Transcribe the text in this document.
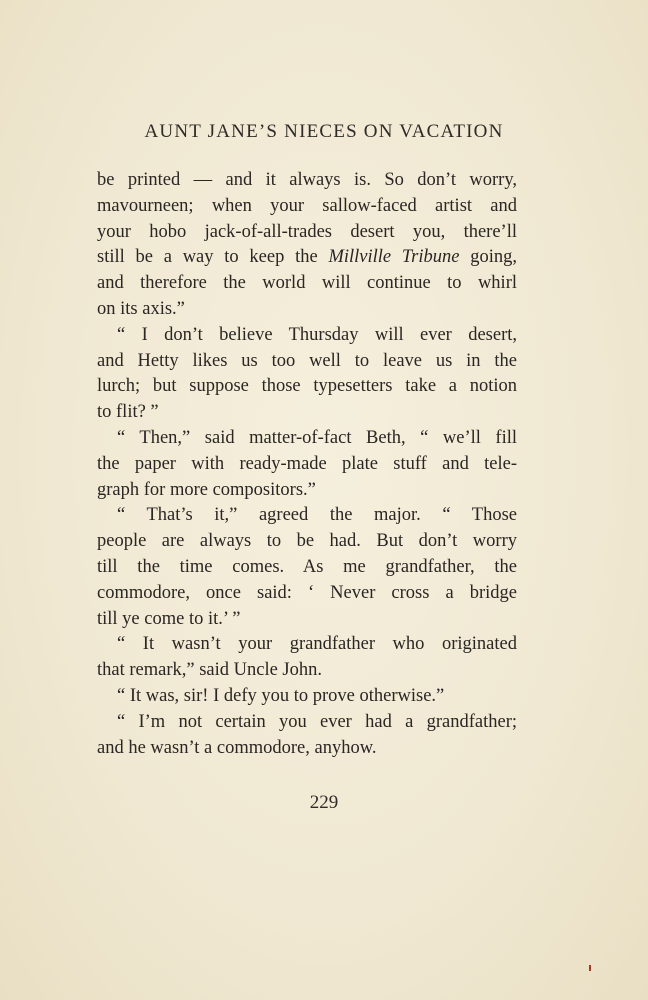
AUNT JANE’S NIECES ON VACATION
be printed — and it always is. So don’t worry,
mavourneen; when your sallow-faced artist and
your hobo jack-of-all-trades desert you, there’ll
still be a way to keep the Millville Tribune going,
and therefore the world will continue to whirl
on its axis.”
“ I don’t believe Thursday will ever desert,
and Hetty likes us too well to leave us in the
lurch; but suppose those typesetters take a notion
to flit? ”
“ Then,” said matter-of-fact Beth, “ we’ll fill
the paper with ready-made plate stuff and tele-
graph for more compositors.”
“ That’s it,” agreed the major. “ Those
people are always to be had. But don’t worry
till the time comes. As me grandfather, the
commodore, once said: ‘ Never cross a bridge
till ye come to it.’ ”
“ It wasn’t your grandfather who originated
that remark,” said Uncle John.
“ It was, sir! I defy you to prove otherwise.”
“ I’m not certain you ever had a grandfather;
and he wasn’t a commodore, anyhow.
229
